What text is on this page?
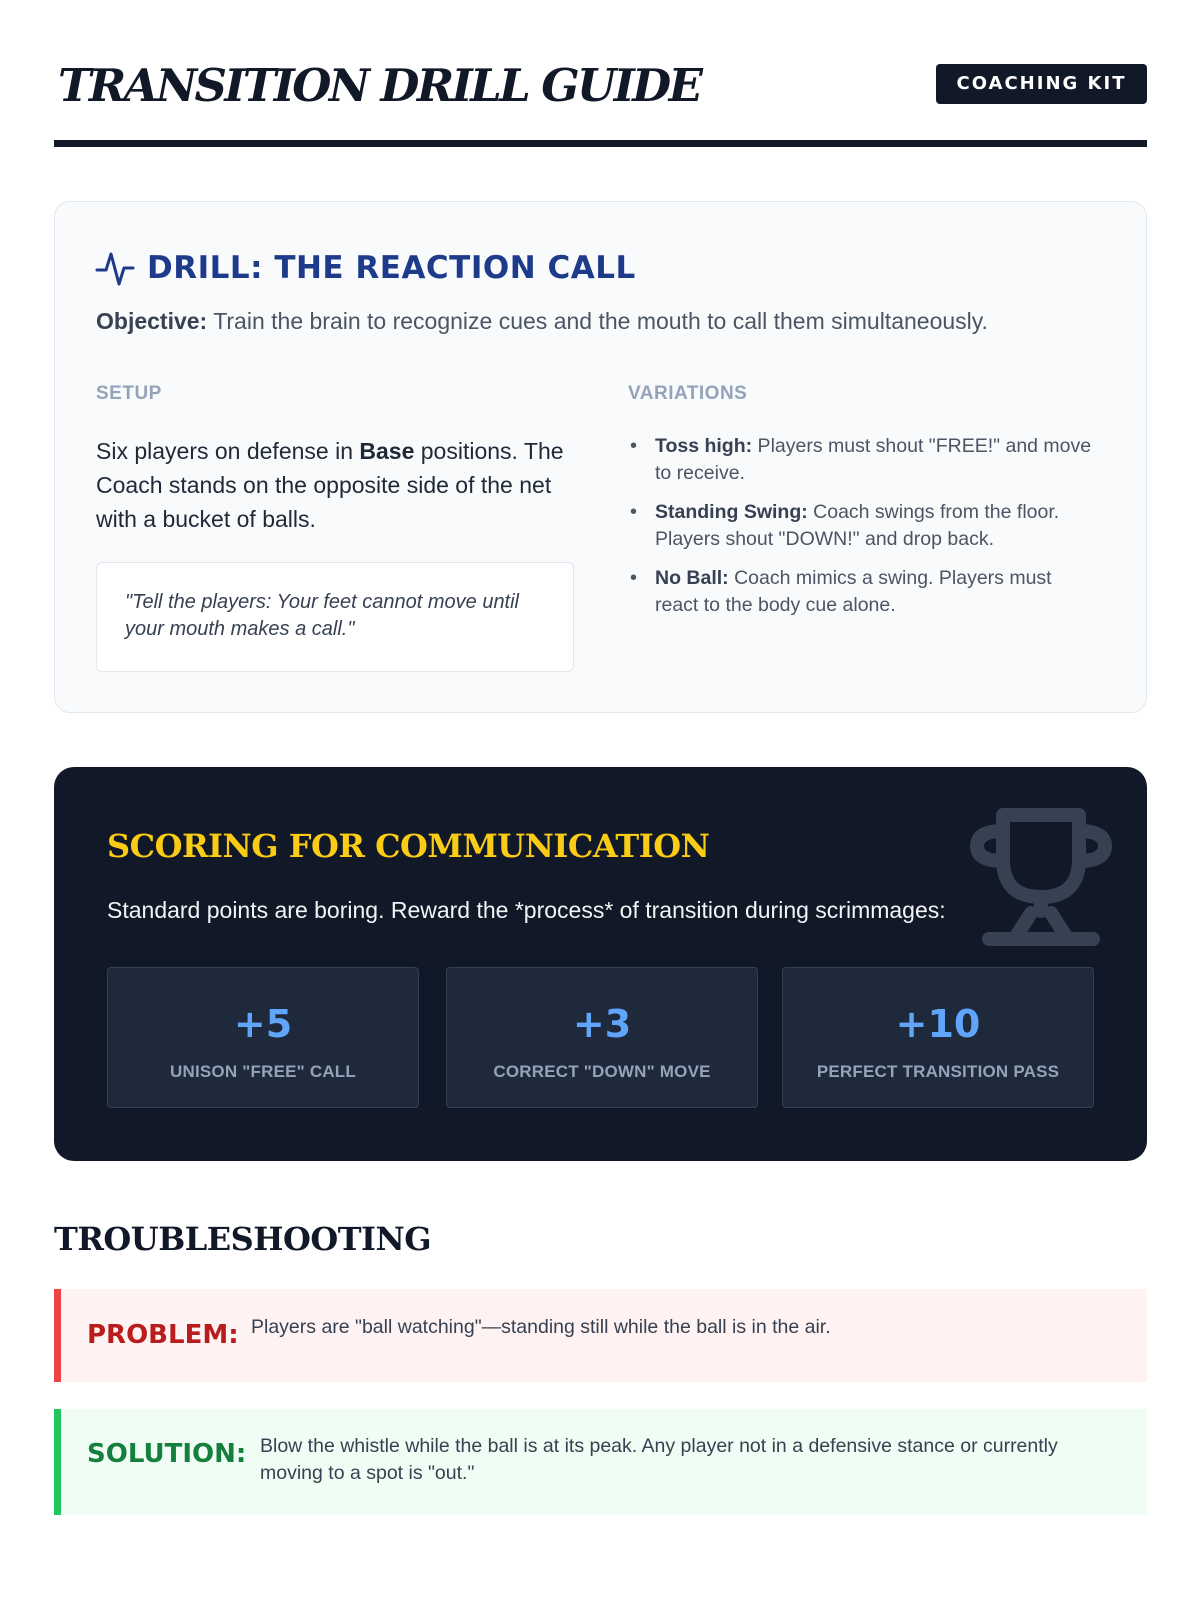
TRANSITION DRILL GUIDE	COACHING KIT
DRILL: THE REACTION CALL

Objective: Train the brain to recognize cues and the mouth to call them simultaneously.

SETUP	VARIATIONS

Six players on defense in Base positions. The Coach stands on the opposite side of the net with a bucket of balls.

"Tell the players: Your feet cannot move until your mouth makes a call."
• Toss high: Players must shout "FREE!" and move to receive.
• Standing Swing: Coach swings from the floor. Players shout "DOWN!" and drop back.
• No Ball: Coach mimics a swing. Players must react to the body cue alone.
SCORING FOR COMMUNICATION

Standard points are boring. Reward the *process* of transition during scrimmages:

+5
UNISON "FREE" CALL
+3
CORRECT "DOWN" MOVE
+10
PERFECT TRANSITION PASS
TROUBLESHOOTING
PROBLEM: Players are "ball watching"—standing still while the ball is in the air.

SOLUTION: Blow the whistle while the ball is at its peak. Any player not in a defensive stance or currently moving to a spot is "out."
